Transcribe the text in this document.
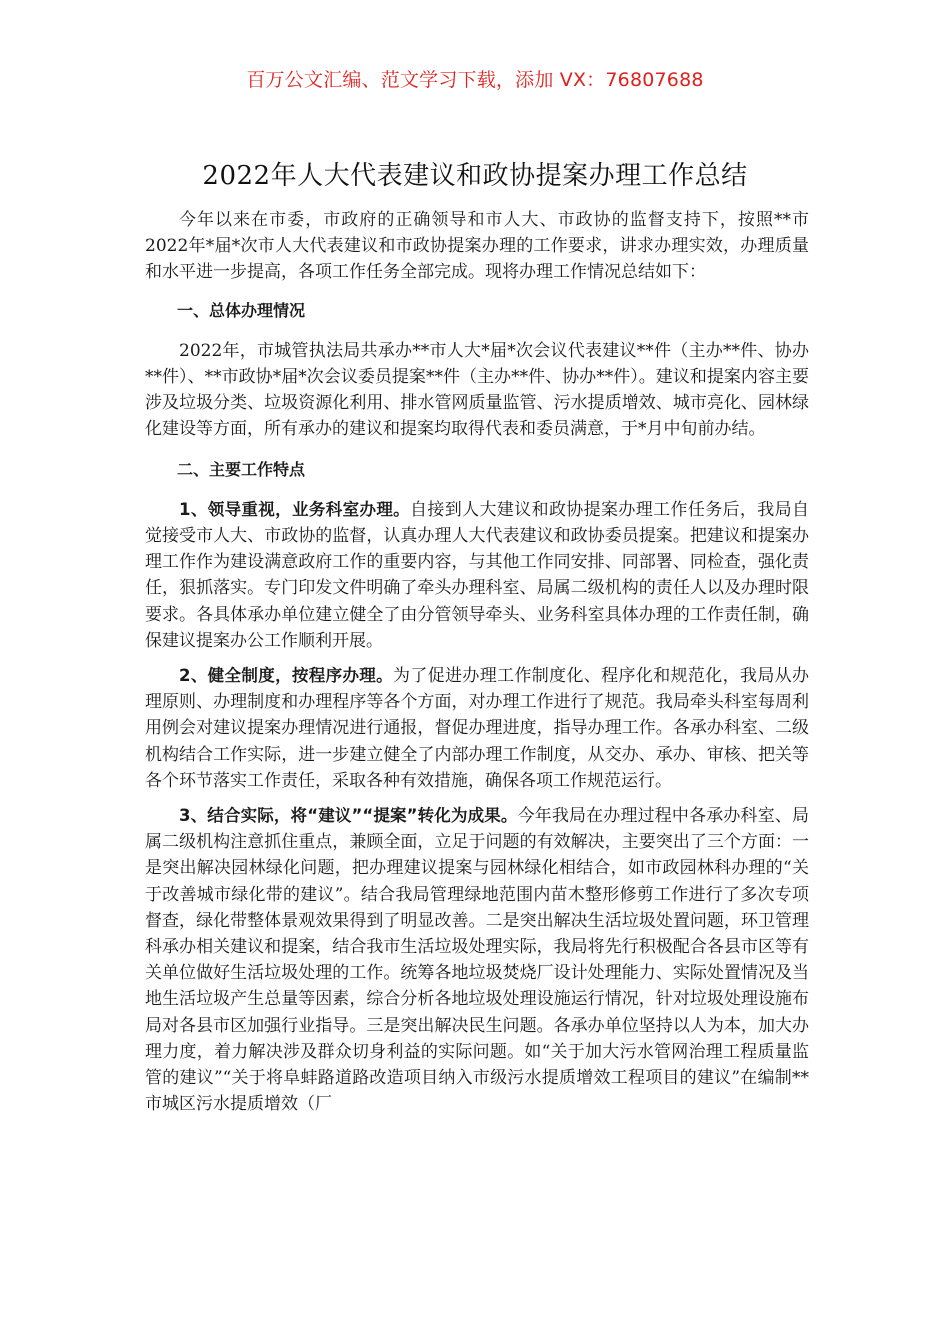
百万公文汇编、范文学习下载，添加 VX：76807688
2022年人大代表建议和政协提案办理工作总结

今年以来在市委，市政府的正确领导和市人大、市政协的监督支持下，按照**市2022年*届*次市人大代表建议和市政协提案办理的工作要求，讲求办理实效，办理质量和水平进一步提高，各项工作任务全部完成。现将办理工作情况总结如下：

一、总体办理情况

2022年，市城管执法局共承办**市人大*届*次会议代表建议**件（主办**件、协办**件）、**市政协*届*次会议委员提案**件（主办**件、协办**件）。建议和提案内容主要涉及垃圾分类、垃圾资源化利用、排水管网质量监管、污水提质增效、城市亮化、园林绿化建设等方面，所有承办的建议和提案均取得代表和委员满意，于*月中旬前办结。

二、主要工作特点

1、领导重视，业务科室办理。自接到人大建议和政协提案办理工作任务后，我局自觉接受市人大、市政协的监督，认真办理人大代表建议和政协委员提案。把建议和提案办理工作作为建设满意政府工作的重要内容，与其他工作同安排、同部署、同检查，强化责任，狠抓落实。专门印发文件明确了牵头办理科室、局属二级机构的责任人以及办理时限要求。各具体承办单位建立健全了由分管领导牵头、业务科室具体办理的工作责任制，确保建议提案办公工作顺利开展。

2、健全制度，按程序办理。为了促进办理工作制度化、程序化和规范化，我局从办理原则、办理制度和办理程序等各个方面，对办理工作进行了规范。我局牵头科室每周利用例会对建议提案办理情况进行通报，督促办理进度，指导办理工作。各承办科室、二级机构结合工作实际，进一步建立健全了内部办理工作制度，从交办、承办、审核、把关等各个环节落实工作责任，采取各种有效措施，确保各项工作规范运行。

3、结合实际，将“建议”“提案”转化为成果。今年我局在办理过程中各承办科室、局属二级机构注意抓住重点，兼顾全面，立足于问题的有效解决，主要突出了三个方面：一是突出解决园林绿化问题，把办理建议提案与园林绿化相结合，如市政园林科办理的“关于改善城市绿化带的建议”。结合我局管理绿地范围内苗木整形修剪工作进行了多次专项督查，绿化带整体景观效果得到了明显改善。二是突出解决生活垃圾处置问题，环卫管理科承办相关建议和提案，结合我市生活垃圾处理实际，我局将先行积极配合各县市区等有关单位做好生活垃圾处理的工作。统筹各地垃圾焚烧厂设计处理能力、实际处置情况及当地生活垃圾产生总量等因素，综合分析各地垃圾处理设施运行情况，针对垃圾处理设施布局对各县市区加强行业指导。三是突出解决民生问题。各承办单位坚持以人为本，加大办理力度，着力解决涉及群众切身利益的实际问题。如“关于加大污水管网治理工程质量监管的建议”“关于将阜蚌路道路改造项目纳入市级污水提质增效工程项目的建议”在编制**市城区污水提质增效（厂
